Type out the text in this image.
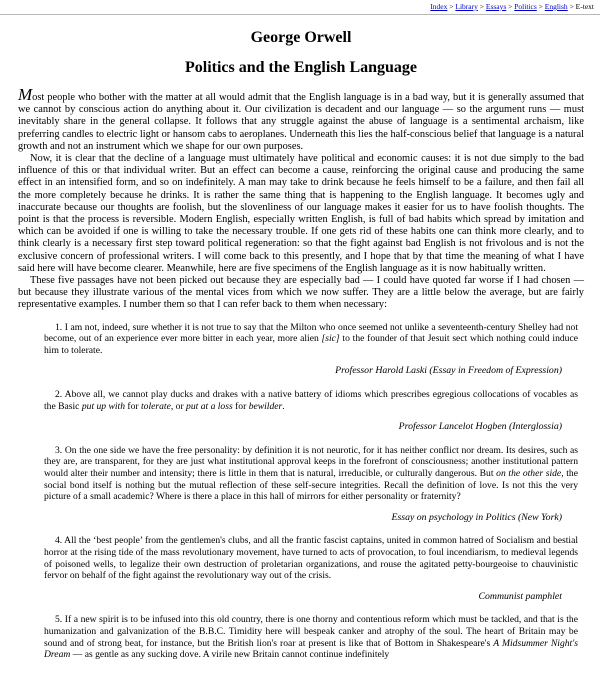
Index > Library > Essays > Politics > English > E-text
George Orwell
Politics and the English Language

Most people who bother with the matter at all would admit that the English language is in a bad way, but it is generally assumed that we cannot by conscious action do anything about it. Our civilization is decadent and our language — so the argument runs — must inevitably share in the general collapse. It follows that any struggle against the abuse of language is a sentimental archaism, like preferring candles to electric light or hansom cabs to aeroplanes. Underneath this lies the half-conscious belief that language is a natural growth and not an instrument which we shape for our own purposes.

Now, it is clear that the decline of a language must ultimately have political and economic causes: it is not due simply to the bad influence of this or that individual writer. But an effect can become a cause, reinforcing the original cause and producing the same effect in an intensified form, and so on indefinitely. A man may take to drink because he feels himself to be a failure, and then fail all the more completely because he drinks. It is rather the same thing that is happening to the English language. It becomes ugly and inaccurate because our thoughts are foolish, but the slovenliness of our language makes it easier for us to have foolish thoughts. The point is that the process is reversible. Modern English, especially written English, is full of bad habits which spread by imitation and which can be avoided if one is willing to take the necessary trouble. If one gets rid of these habits one can think more clearly, and to think clearly is a necessary first step toward political regeneration: so that the fight against bad English is not frivolous and is not the exclusive concern of professional writers. I will come back to this presently, and I hope that by that time the meaning of what I have said here will have become clearer. Meanwhile, here are five specimens of the English language as it is now habitually written.

These five passages have not been picked out because they are especially bad — I could have quoted far worse if I had chosen — but because they illustrate various of the mental vices from which we now suffer. They are a little below the average, but are fairly representative examples. I number them so that I can refer back to them when necessary:

1. I am not, indeed, sure whether it is not true to say that the Milton who once seemed not unlike a seventeenth-century Shelley had not become, out of an experience ever more bitter in each year, more alien [sic] to the founder of that Jesuit sect which nothing could induce him to tolerate.

Professor Harold Laski (Essay in Freedom of Expression)

2. Above all, we cannot play ducks and drakes with a native battery of idioms which prescribes egregious collocations of vocables as the Basic put up with for tolerate, or put at a loss for bewilder.

Professor Lancelot Hogben (Interglossia)

3. On the one side we have the free personality: by definition it is not neurotic, for it has neither conflict nor dream. Its desires, such as they are, are transparent, for they are just what institutional approval keeps in the forefront of consciousness; another institutional pattern would alter their number and intensity; there is little in them that is natural, irreducible, or culturally dangerous. But on the other side, the social bond itself is nothing but the mutual reflection of these self-secure integrities. Recall the definition of love. Is not this the very picture of a small academic? Where is there a place in this hall of mirrors for either personality or fraternity?

Essay on psychology in Politics (New York)

4. All the ‘best people’ from the gentlemen's clubs, and all the frantic fascist captains, united in common hatred of Socialism and bestial horror at the rising tide of the mass revolutionary movement, have turned to acts of provocation, to foul incendiarism, to medieval legends of poisoned wells, to legalize their own destruction of proletarian organizations, and rouse the agitated petty-bourgeoise to chauvinistic fervor on behalf of the fight against the revolutionary way out of the crisis.

Communist pamphlet

5. If a new spirit is to be infused into this old country, there is one thorny and contentious reform which must be tackled, and that is the humanization and galvanization of the B.B.C. Timidity here will bespeak canker and atrophy of the soul. The heart of Britain may be sound and of strong beat, for instance, but the British lion's roar at present is like that of Bottom in Shakespeare's A Midsummer Night's Dream — as gentle as any sucking dove. A virile new Britain cannot continue indefinitely
